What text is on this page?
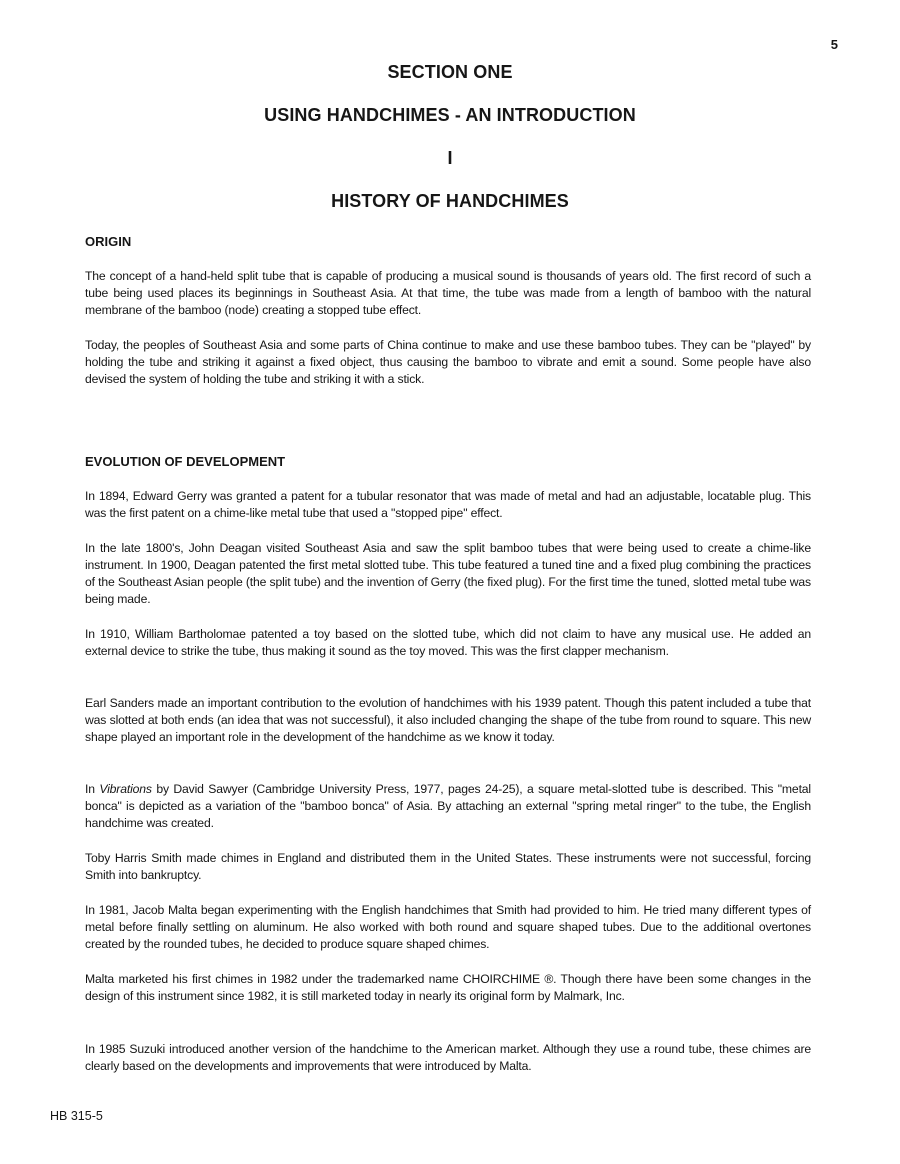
5
SECTION ONE
USING HANDCHIMES - AN INTRODUCTION
I
HISTORY OF HANDCHIMES
ORIGIN

The concept of a hand-held split tube that is capable of producing a musical sound is thousands of years old. The first record of such a tube being used places its beginnings in Southeast Asia. At that time, the tube was made from a length of bamboo with the natural membrane of the bamboo (node) creating a stopped tube effect.

Today, the peoples of Southeast Asia and some parts of China continue to make and use these bamboo tubes. They can be "played" by holding the tube and striking it against a fixed object, thus causing the bamboo to vibrate and emit a sound. Some people have also devised the system of holding the tube and striking it with a stick.

EVOLUTION OF DEVELOPMENT

In 1894, Edward Gerry was granted a patent for a tubular resonator that was made of metal and had an adjustable, locatable plug. This was the first patent on a chime-like metal tube that used a "stopped pipe" effect.

In the late 1800's, John Deagan visited Southeast Asia and saw the split bamboo tubes that were being used to create a chime-like instrument. In 1900, Deagan patented the first metal slotted tube. This tube featured a tuned tine and a fixed plug combining the practices of the Southeast Asian people (the split tube) and the invention of Gerry (the fixed plug). For the first time the tuned, slotted metal tube was being made.

In 1910, William Bartholomae patented a toy based on the slotted tube, which did not claim to have any musical use. He added an external device to strike the tube, thus making it sound as the toy moved. This was the first clapper mechanism.

Earl Sanders made an important contribution to the evolution of handchimes with his 1939 patent. Though this patent included a tube that was slotted at both ends (an idea that was not successful), it also included changing the shape of the tube from round to square. This new shape played an important role in the development of the handchime as we know it today.

In Vibrations by David Sawyer (Cambridge University Press, 1977, pages 24-25), a square metal-slotted tube is described. This "metal bonca" is depicted as a variation of the "bamboo bonca" of Asia. By attaching an external "spring metal ringer" to the tube, the English handchime was created.

Toby Harris Smith made chimes in England and distributed them in the United States. These instruments were not successful, forcing Smith into bankruptcy.

In 1981, Jacob Malta began experimenting with the English handchimes that Smith had provided to him. He tried many different types of metal before finally settling on aluminum. He also worked with both round and square shaped tubes. Due to the additional overtones created by the rounded tubes, he decided to produce square shaped chimes.

Malta marketed his first chimes in 1982 under the trademarked name CHOIRCHIME ®. Though there have been some changes in the design of this instrument since 1982, it is still marketed today in nearly its original form by Malmark, Inc.

In 1985 Suzuki introduced another version of the handchime to the American market. Although they use a round tube, these chimes are clearly based on the developments and improvements that were introduced by Malta.

HB 315-5
